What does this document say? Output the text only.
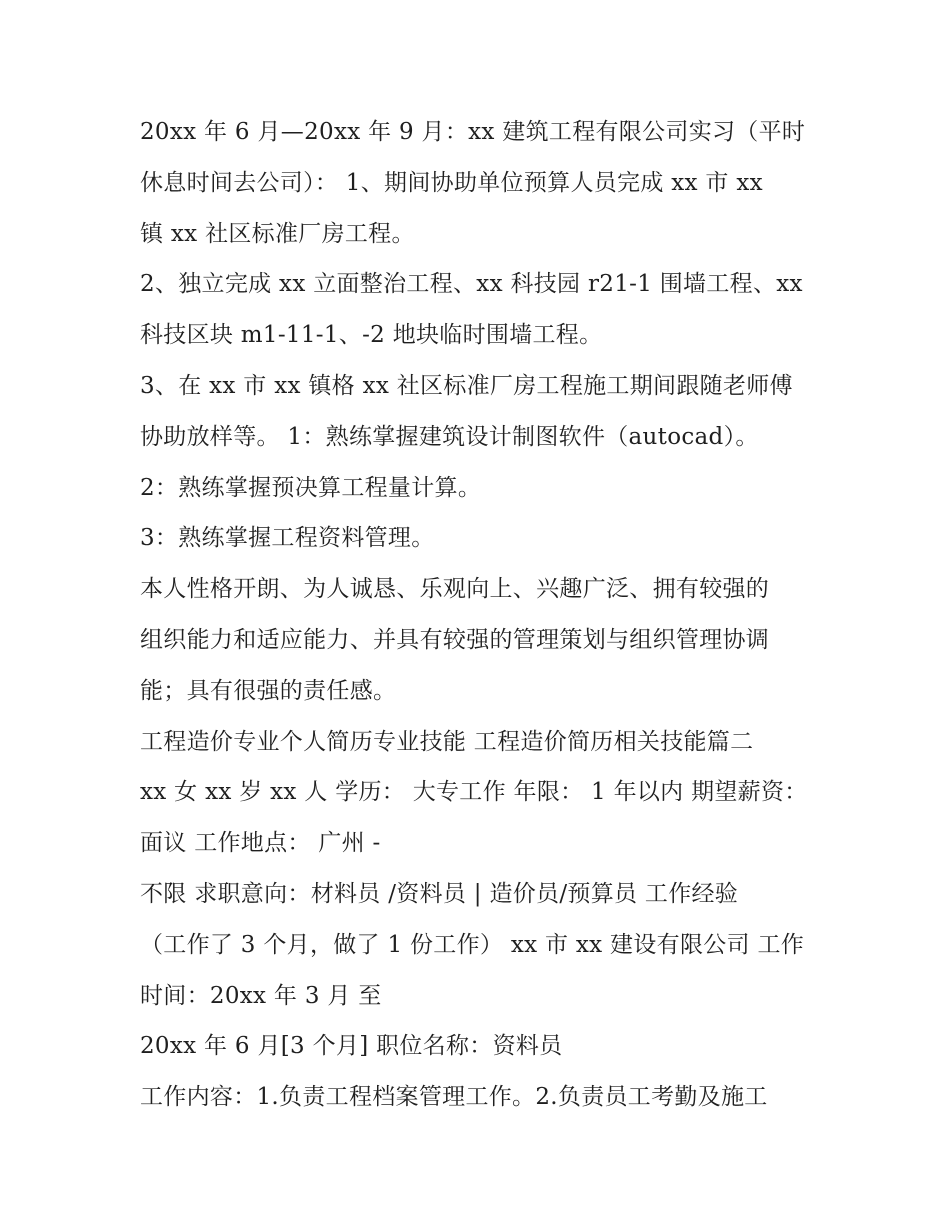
20xx 年 6 月—20xx 年 9 月：xx 建筑工程有限公司实习（平时
休息时间去公司）： 1、期间协助单位预算人员完成 xx 市 xx
镇 xx 社区标准厂房工程。
2、独立完成 xx 立面整治工程、xx 科技园 r21-1 围墙工程、xx
科技区块 m1-11-1、-2 地块临时围墙工程。
3、在 xx 市 xx 镇格 xx 社区标准厂房工程施工期间跟随老师傅
协助放样等。 1：熟练掌握建筑设计制图软件（autocad）。
2：熟练掌握预决算工程量计算。
3：熟练掌握工程资料管理。
本人性格开朗、为人诚恳、乐观向上、兴趣广泛、拥有较强的
组织能力和适应能力、并具有较强的管理策划与组织管理协调
能；具有很强的责任感。
工程造价专业个人简历专业技能 工程造价简历相关技能篇二
xx 女 xx 岁 xx 人 学历： 大专工作 年限： 1 年以内 期望薪资：
面议 工作地点： 广州 -
不限 求职意向：材料员 /资料员 | 造价员/预算员 工作经验
（工作了 3 个月，做了 1 份工作） xx 市 xx 建设有限公司 工作
时间：20xx 年 3 月 至
20xx 年 6 月[3 个月] 职位名称：资料员
工作内容：1.负责工程档案管理工作。2.负责员工考勤及施工
